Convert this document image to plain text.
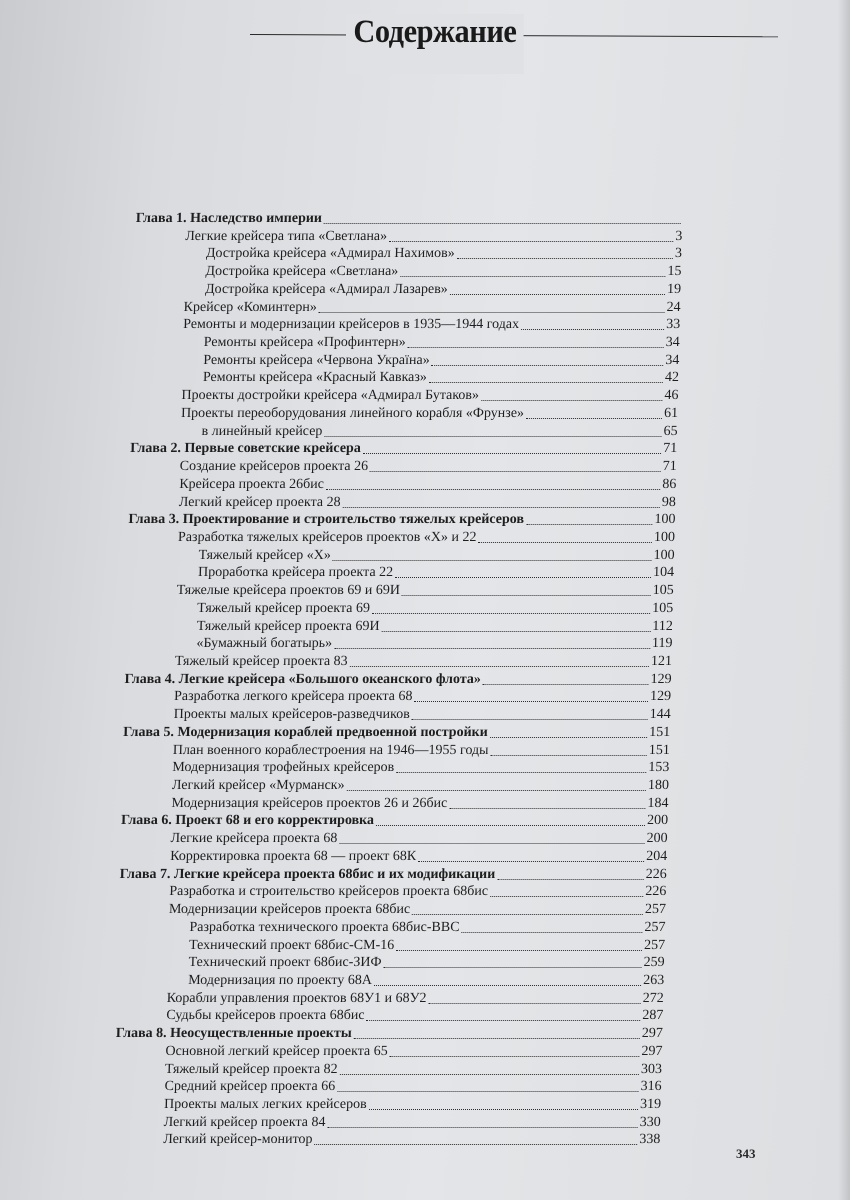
Содержание
Глава 1. Наследство империи
Легкие крейсера типа «Светлана»	3
Достройка крейсера «Адмирал Нахимов»	3
Достройка крейсера «Светлана»	15
Достройка крейсера «Адмирал Лазарев»	19
Крейсер «Коминтерн»	24
Ремонты и модернизации крейсеров в 1935—1944 годах	33
Ремонты крейсера «Профинтерн»	34
Ремонты крейсера «Червона Украïна»	34
Ремонты крейсера «Красный Кавказ»	42
Проекты достройки крейсера «Адмирал Бутаков»	46
Проекты переоборудования линейного корабля «Фрунзе»	61
в линейный крейсер	65
Глава 2. Первые советские крейсера	71
Создание крейсеров проекта 26	71
Крейсера проекта 26бис	86
Легкий крейсер проекта 28	98
Глава 3. Проектирование и строительство тяжелых крейсеров	100
Разработка тяжелых крейсеров проектов «Х» и 22	100
Тяжелый крейсер «Х»	100
Проработка крейсера проекта 22	104
Тяжелые крейсера проектов 69 и 69И	105
Тяжелый крейсер проекта 69	105
Тяжелый крейсер проекта 69И	112
«Бумажный богатырь»	119
Тяжелый крейсер проекта 83	121
Глава 4. Легкие крейсера «Большого океанского флота»	129
Разработка легкого крейсера проекта 68	129
Проекты малых крейсеров-разведчиков	144
Глава 5. Модернизация кораблей предвоенной постройки	151
План военного кораблестроения на 1946—1955 годы	151
Модернизация трофейных крейсеров	153
Легкий крейсер «Мурманск»	180
Модернизация крейсеров проектов 26 и 26бис	184
Глава 6. Проект 68 и его корректировка	200
Легкие крейсера проекта 68	200
Корректировка проекта 68 — проект 68К	204
Глава 7. Легкие крейсера проекта 68бис и их модификации	226
Разработка и строительство крейсеров проекта 68бис	226
Модернизации крейсеров проекта 68бис	257
Разработка технического проекта 68бис-ВВС	257
Технический проект 68бис-СМ-16	257
Технический проект 68бис-ЗИФ	259
Модернизация по проекту 68А	263
Корабли управления проектов 68У1 и 68У2	272
Судьбы крейсеров проекта 68бис	287
Глава 8. Неосуществленные проекты	297
Основной легкий крейсер проекта 65	297
Тяжелый крейсер проекта 82	303
Средний крейсер проекта 66	316
Проекты малых легких крейсеров	319
Легкий крейсер проекта 84	330
Легкий крейсер-монитор	338
343
